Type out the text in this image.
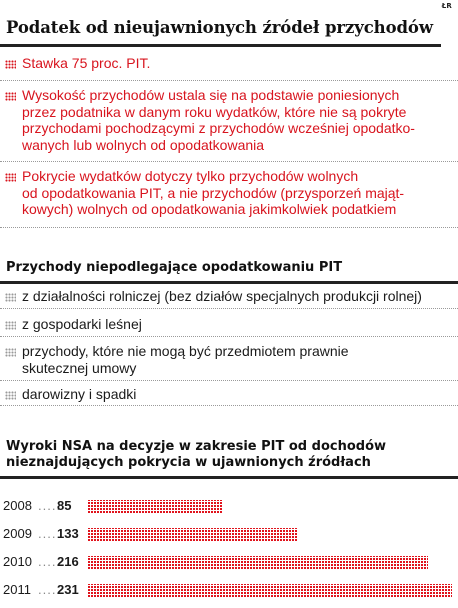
ŁR
Podatek od nieujawnionych źródeł przychodów
Stawka 75 proc. PIT.
Wysokość przychodów ustala się na podstawie poniesionych
przez podatnika w danym roku wydatków, które nie są pokryte
przychodami pochodzącymi z przychodów wcześniej opodatko-
wanych lub wolnych od opodatkowania
Pokrycie wydatków dotyczy tylko przychodów wolnych
od opodatkowania PIT, a nie przychodów (przysporzeń mająt-
kowych) wolnych od opodatkowania jakimkolwiek podatkiem
Przychody niepodlegające opodatkowaniu PIT
z działalności rolniczej (bez działów specjalnych produkcji rolnej)
z gospodarki leśnej
przychody, które nie mogą być przedmiotem prawnie
skutecznej umowy
darowizny i spadki
Wyroki NSA na decyzje w zakresie PIT od dochodów
nieznajdujących pokrycia w ujawnionych źródłach
2008 .....
85
2009 .....
133
2010 .....
216
2011 .....
231
